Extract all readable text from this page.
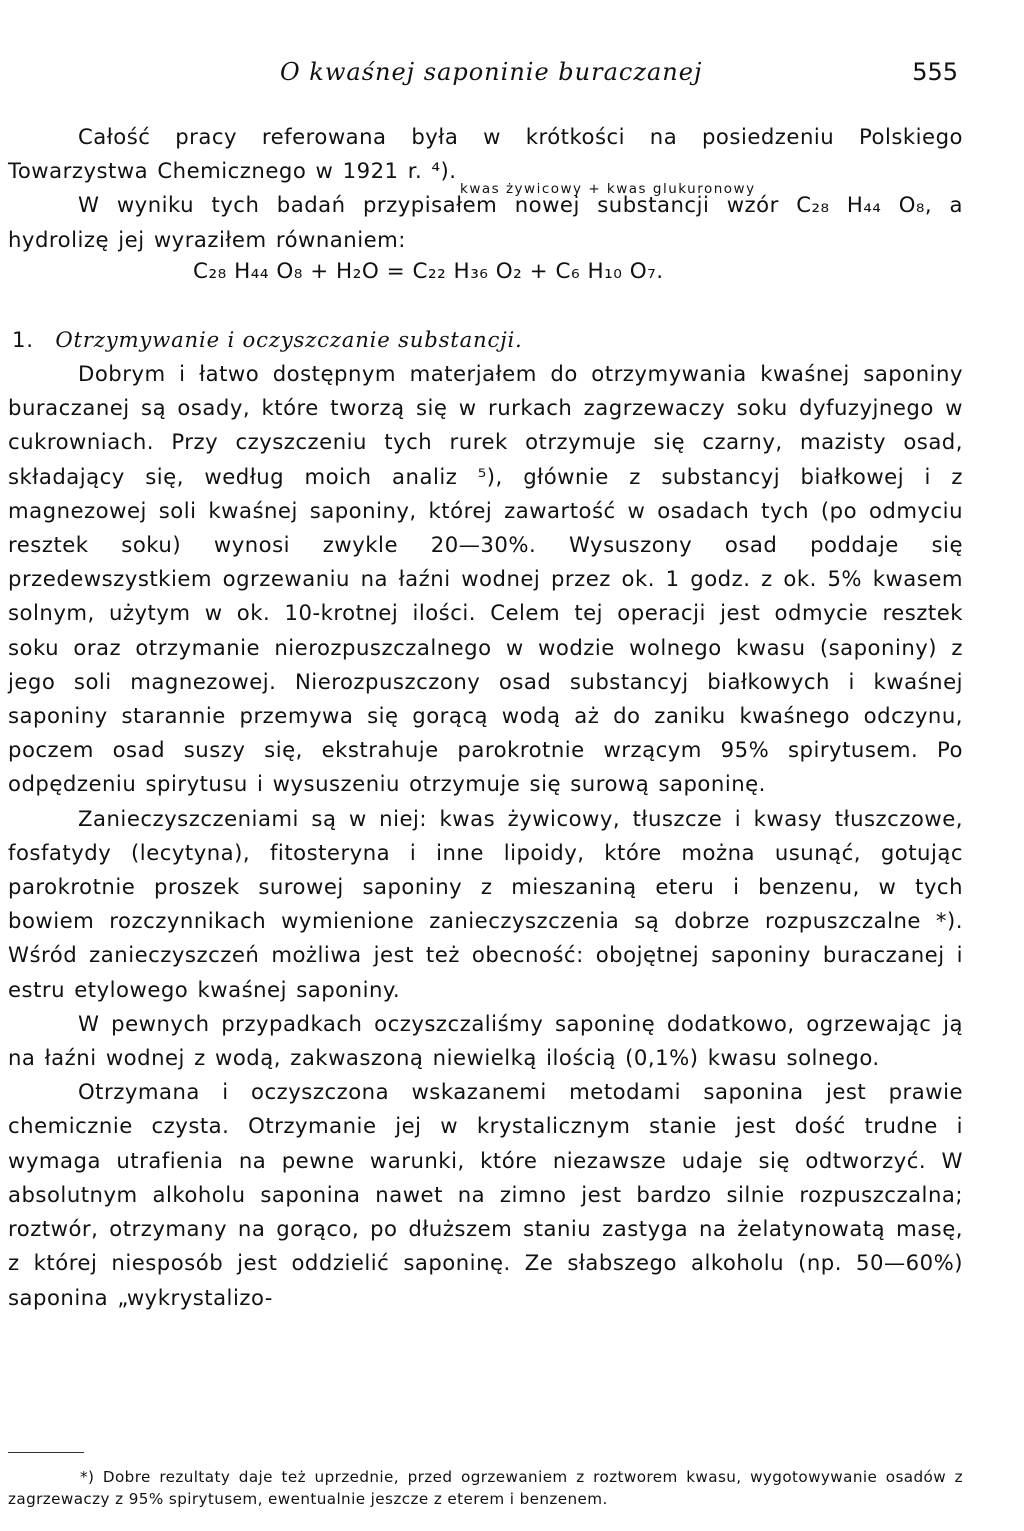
O kwaśnej saponinie buraczanej	555

Całość pracy referowana była w krótkości na posiedzeniu Polskiego Towarzystwa Chemicznego w 1921 r. ⁴).

W wyniku tych badań przypisałem nowej substancji wzór C₂₈ H₄₄ O₈, a hydrolizę jej wyraziłem równaniem:

C₂₈ H₄₄ O₈ + H₂O = C₂₂ H₃₆ O₂ + C₆ H₁₀ O₇.

1. Otrzymywanie i oczyszczanie substancji.

Dobrym i łatwo dostępnym materjałem do otrzymywania kwaśnej saponiny buraczanej są osady, które tworzą się w rurkach zagrzewaczy soku dyfuzyjnego w cukrowniach. Przy czyszczeniu tych rurek otrzymuje się czarny, mazisty osad, składający się, według moich analiz ⁵), głównie z substancyj białkowej i z magnezowej soli kwaśnej saponiny, której zawartość w osadach tych (po odmyciu resztek soku) wynosi zwykle 20—30%. Wysuszony osad poddaje się przedewszystkiem ogrzewaniu na łaźni wodnej przez ok. 1 godz. z ok. 5% kwasem solnym, użytym w ok. 10-krotnej ilości. Celem tej operacji jest odmycie resztek soku oraz otrzymanie nierozpuszczalnego w wodzie wolnego kwasu (saponiny) z jego soli magnezowej. Nierozpuszczony osad substancyj białkowych i kwaśnej saponiny starannie przemywa się gorącą wodą aż do zaniku kwaśnego odczynu, poczem osad suszy się, ekstrahuje parokrotnie wrzącym 95% spirytusem. Po odpędzeniu spirytusu i wysuszeniu otrzymuje się surową saponinę.

Zanieczyszczeniami są w niej: kwas żywicowy, tłuszcze i kwasy tłuszczowe, fosfatydy (lecytyna), fitosteryna i inne lipoidy, które można usunąć, gotując parokrotnie proszek surowej saponiny z mieszaniną eteru i benzenu, w tych bowiem rozczynnikach wymienione zanieczyszczenia są dobrze rozpuszczalne *). Wśród zanieczyszczeń możliwa jest też obecność: obojętnej saponiny buraczanej i estru etylowego kwaśnej saponiny.

W pewnych przypadkach oczyszczaliśmy saponinę dodatkowo, ogrzewając ją na łaźni wodnej z wodą, zakwaszoną niewielką ilością (0,1%) kwasu solnego.

Otrzymana i oczyszczona wskazanemi metodami saponina jest prawie chemicznie czysta. Otrzymanie jej w krystalicznym stanie jest dość trudne i wymaga utrafienia na pewne warunki, które niezawsze udaje się odtworzyć. W absolutnym alkoholu saponina nawet na zimno jest bardzo silnie rozpuszczalna; roztwór, otrzymany na gorąco, po dłuższem staniu zastyga na żelatynowatą masę, z której niesposób jest oddzielić saponinę. Ze słabszego alkoholu (np. 50—60%) saponina „wykrystalizo-

kwas żywicowy + kwas glukuronowy

*) Dobre rezultaty daje też uprzednie, przed ogrzewaniem z roztworem kwasu, wygotowywanie osadów z zagrzewaczy z 95% spirytusem, ewentualnie jeszcze z eterem i benzenem.
